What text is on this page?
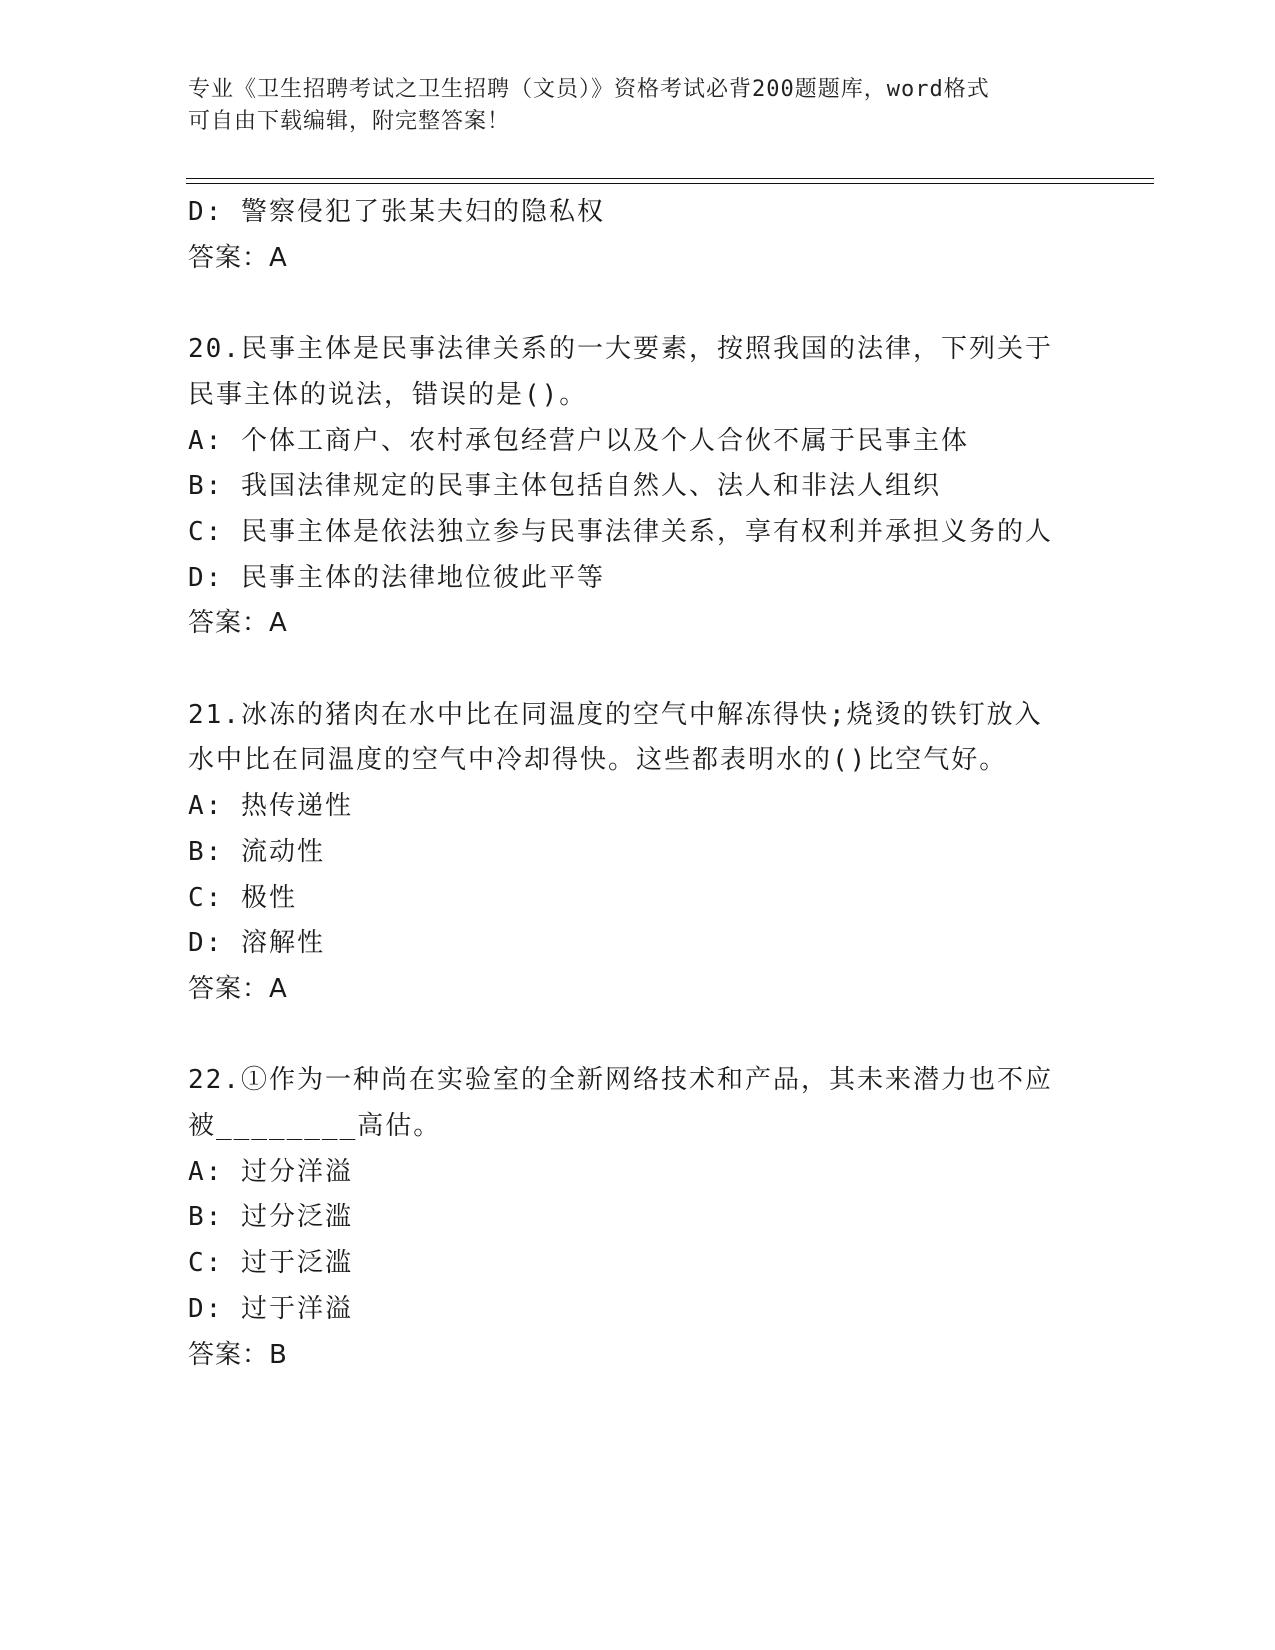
专业《卫生招聘考试之卫生招聘（文员）》资格考试必背200题题库，word格式
可自由下载编辑，附完整答案！
D: 警察侵犯了张某夫妇的隐私权
答案：A
20.民事主体是民事法律关系的一大要素，按照我国的法律，下列关于
民事主体的说法，错误的是()。
A: 个体工商户、农村承包经营户以及个人合伙不属于民事主体
B: 我国法律规定的民事主体包括自然人、法人和非法人组织
C: 民事主体是依法独立参与民事法律关系，享有权利并承担义务的人
D: 民事主体的法律地位彼此平等
答案：A
21.冰冻的猪肉在水中比在同温度的空气中解冻得快;烧烫的铁钉放入
水中比在同温度的空气中冷却得快。这些都表明水的()比空气好。
A: 热传递性
B: 流动性
C: 极性
D: 溶解性
答案：A
22.①作为一种尚在实验室的全新网络技术和产品，其未来潜力也不应
被________高估。
A: 过分洋溢
B: 过分泛滥
C: 过于泛滥
D: 过于洋溢
答案：B
